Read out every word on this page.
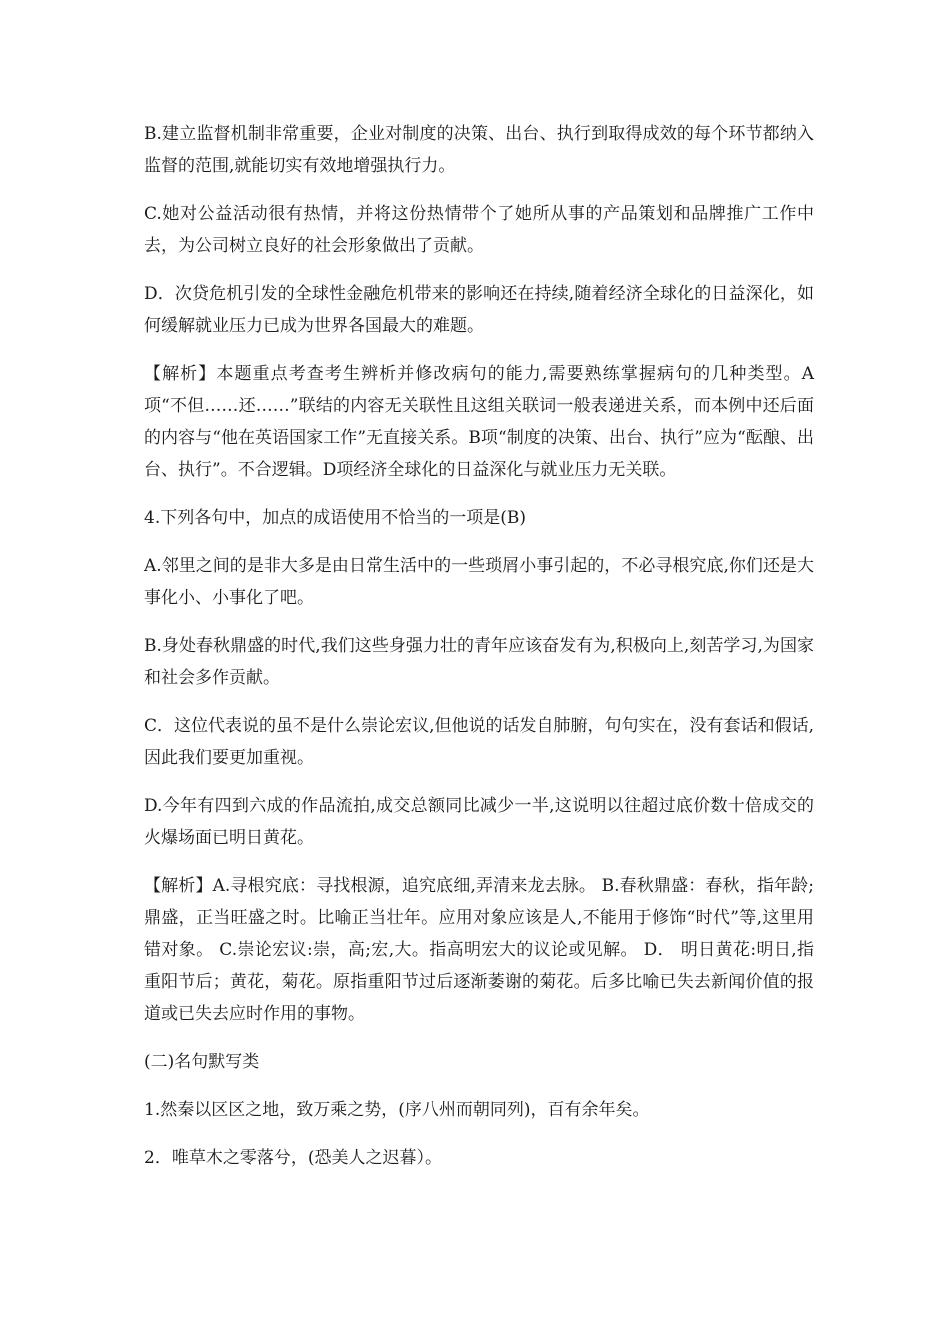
B.建立监督机制非常重要，企业对制度的决策、出台、执行到取得成效的每个环节都纳入监督的范围,就能切实有效地增强执行力。

C.她对公益活动很有热情，并将这份热情带个了她所从事的产品策划和品牌推广工作中去，为公司树立良好的社会形象做出了贡献。

D．次贷危机引发的全球性金融危机带来的影响还在持续,随着经济全球化的日益深化，如何缓解就业压力已成为世界各国最大的难题。

【解析】本题重点考查考生辨析并修改病句的能力,需要熟练掌握病句的几种类型。A项“不但……还……”联结的内容无关联性且这组关联词一般表递进关系，而本例中还后面的内容与“他在英语国家工作”无直接关系。B项“制度的决策、出台、执行”应为“酝酿、出台、执行”。不合逻辑。D项经济全球化的日益深化与就业压力无关联。

4.下列各句中，加点的成语使用不恰当的一项是(B)

A.邻里之间的是非大多是由日常生活中的一些琐屑小事引起的，不必寻根究底,你们还是大事化小、小事化了吧。

B.身处春秋鼎盛的时代,我们这些身强力壮的青年应该奋发有为,积极向上,刻苦学习,为国家和社会多作贡献。

C．这位代表说的虽不是什么崇论宏议,但他说的话发自肺腑，句句实在，没有套话和假话,因此我们要更加重视。

D.今年有四到六成的作品流拍,成交总额同比减少一半,这说明以往超过底价数十倍成交的火爆场面已明日黄花。

【解析】A.寻根究底：寻找根源，追究底细,弄清来龙去脉。 B.春秋鼎盛：春秋，指年龄;鼎盛，正当旺盛之时。比喻正当壮年。应用对象应该是人,不能用于修饰“时代”等,这里用错对象。 C.崇论宏议:崇，高;宏,大。指高明宏大的议论或见解。 D． 明日黄花:明日,指重阳节后；黄花，菊花。原指重阳节过后逐渐萎谢的菊花。后多比喻已失去新闻价值的报道或已失去应时作用的事物。

(二)名句默写类

1.然秦以区区之地，致万乘之势，(序八州而朝同列)，百有余年矣。

2．唯草木之零落兮，(恐美人之迟暮）。
